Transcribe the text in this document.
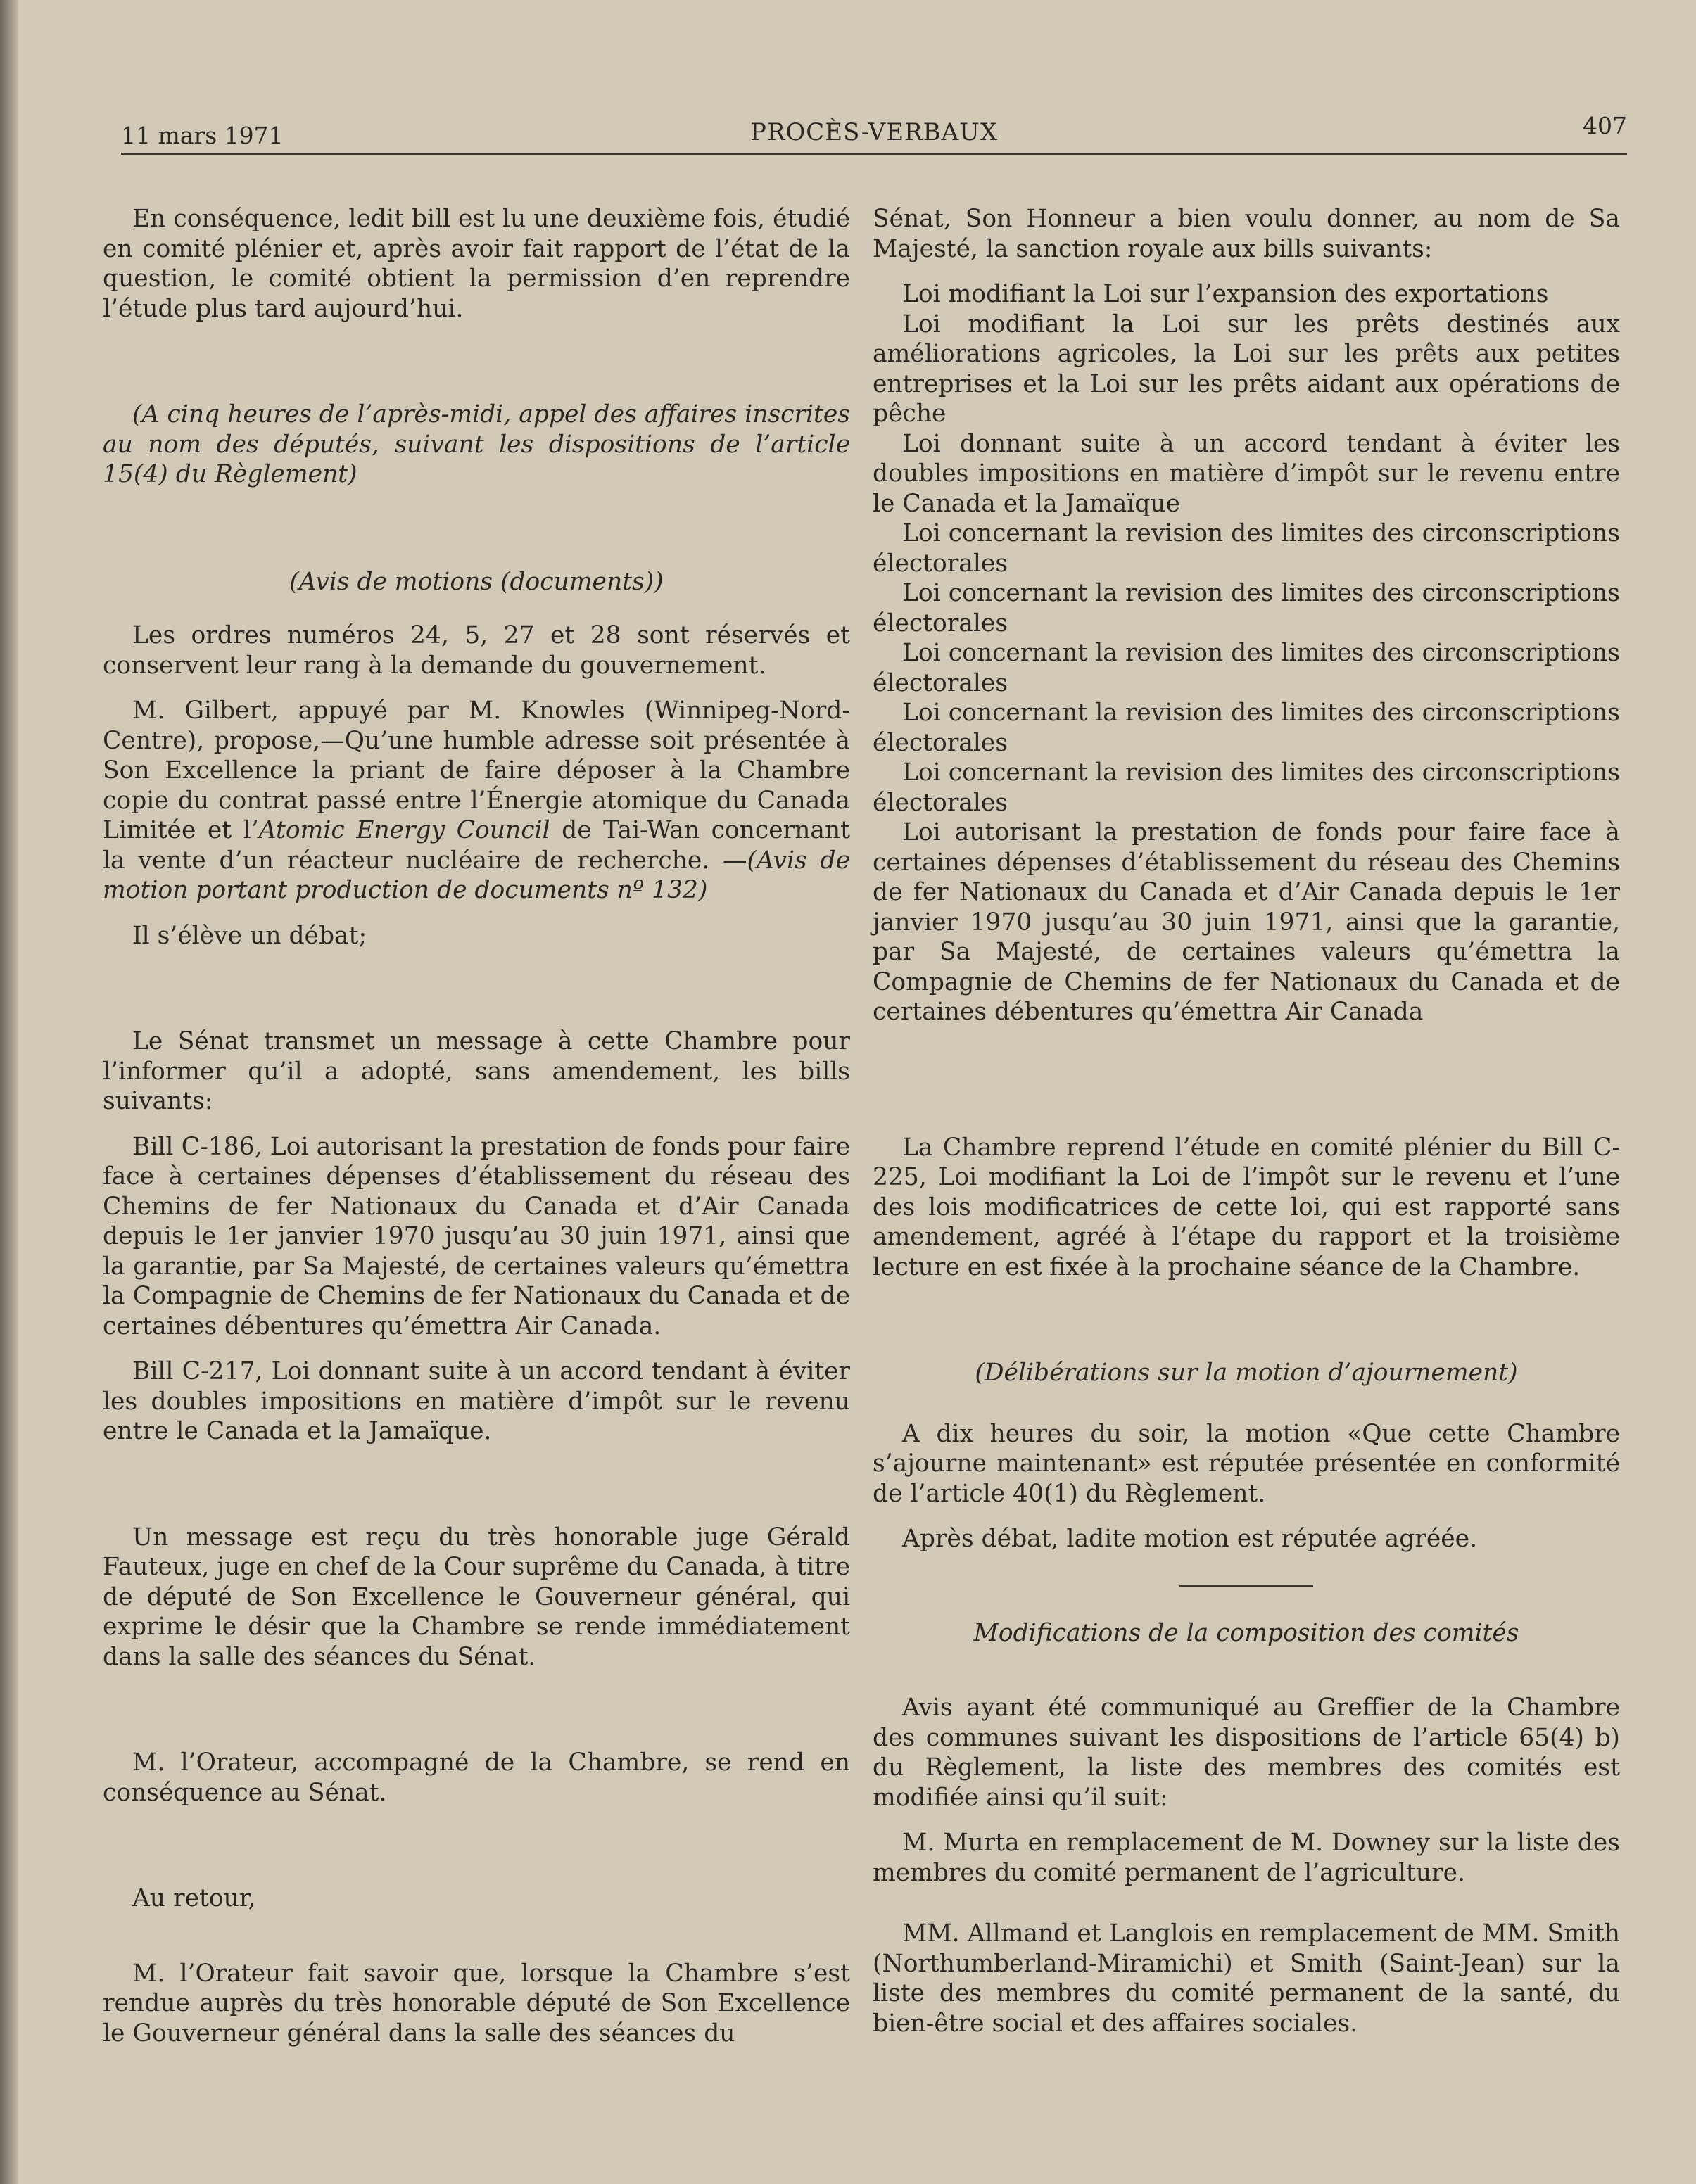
11 mars 1971	PROCÈS-VERBAUX	407

En conséquence, ledit bill est lu une deuxième fois, étudié en comité plénier et, après avoir fait rapport de l’état de la question, le comité obtient la permission d’en reprendre l’étude plus tard aujourd’hui.

(A cinq heures de l’après-midi, appel des affaires inscrites au nom des députés, suivant les dispositions de l’article 15(4) du Règlement)

(Avis de motions (documents))

Les ordres numéros 24, 5, 27 et 28 sont réservés et conservent leur rang à la demande du gouvernement.

M. Gilbert, appuyé par M. Knowles (Winnipeg-Nord-Centre), propose,—Qu’une humble adresse soit présentée à Son Excellence la priant de faire déposer à la Chambre copie du contrat passé entre l’Énergie atomique du Canada Limitée et l’Atomic Energy Council de Tai-Wan concernant la vente d’un réacteur nucléaire de recherche. —(Avis de motion portant production de documents nº 132)

Il s’élève un débat;

Le Sénat transmet un message à cette Chambre pour l’informer qu’il a adopté, sans amendement, les bills suivants:

Bill C-186, Loi autorisant la prestation de fonds pour faire face à certaines dépenses d’établissement du réseau des Chemins de fer Nationaux du Canada et d’Air Canada depuis le 1er janvier 1970 jusqu’au 30 juin 1971, ainsi que la garantie, par Sa Majesté, de certaines valeurs qu’émettra la Compagnie de Chemins de fer Nationaux du Canada et de certaines débentures qu’émettra Air Canada.

Bill C-217, Loi donnant suite à un accord tendant à éviter les doubles impositions en matière d’impôt sur le revenu entre le Canada et la Jamaïque.

Un message est reçu du très honorable juge Gérald Fauteux, juge en chef de la Cour suprême du Canada, à titre de député de Son Excellence le Gouverneur général, qui exprime le désir que la Chambre se rende immédiatement dans la salle des séances du Sénat.

M. l’Orateur, accompagné de la Chambre, se rend en conséquence au Sénat.

Au retour,

M. l’Orateur fait savoir que, lorsque la Chambre s’est rendue auprès du très honorable député de Son Excellence le Gouverneur général dans la salle des séances du

Sénat, Son Honneur a bien voulu donner, au nom de Sa Majesté, la sanction royale aux bills suivants:

Loi modifiant la Loi sur l’expansion des exportations

Loi modifiant la Loi sur les prêts destinés aux améliorations agricoles, la Loi sur les prêts aux petites entreprises et la Loi sur les prêts aidant aux opérations de pêche

Loi donnant suite à un accord tendant à éviter les doubles impositions en matière d’impôt sur le revenu entre le Canada et la Jamaïque

Loi concernant la revision des limites des circonscriptions électorales

Loi concernant la revision des limites des circonscriptions électorales

Loi concernant la revision des limites des circonscriptions électorales

Loi concernant la revision des limites des circonscriptions électorales

Loi concernant la revision des limites des circonscriptions électorales

Loi autorisant la prestation de fonds pour faire face à certaines dépenses d’établissement du réseau des Chemins de fer Nationaux du Canada et d’Air Canada depuis le 1er janvier 1970 jusqu’au 30 juin 1971, ainsi que la garantie, par Sa Majesté, de certaines valeurs qu’émettra la Compagnie de Chemins de fer Nationaux du Canada et de certaines débentures qu’émettra Air Canada

La Chambre reprend l’étude en comité plénier du Bill C-225, Loi modifiant la Loi de l’impôt sur le revenu et l’une des lois modificatrices de cette loi, qui est rapporté sans amendement, agréé à l’étape du rapport et la troisième lecture en est fixée à la prochaine séance de la Chambre.

(Délibérations sur la motion d’ajournement)

A dix heures du soir, la motion «Que cette Chambre s’ajourne maintenant» est réputée présentée en conformité de l’article 40(1) du Règlement.

Après débat, ladite motion est réputée agréée.

Modifications de la composition des comités

Avis ayant été communiqué au Greffier de la Chambre des communes suivant les dispositions de l’article 65(4) b) du Règlement, la liste des membres des comités est modifiée ainsi qu’il suit:

M. Murta en remplacement de M. Downey sur la liste des membres du comité permanent de l’agriculture.

MM. Allmand et Langlois en remplacement de MM. Smith (Northumberland-Miramichi) et Smith (Saint-Jean) sur la liste des membres du comité permanent de la santé, du bien-être social et des affaires sociales.
